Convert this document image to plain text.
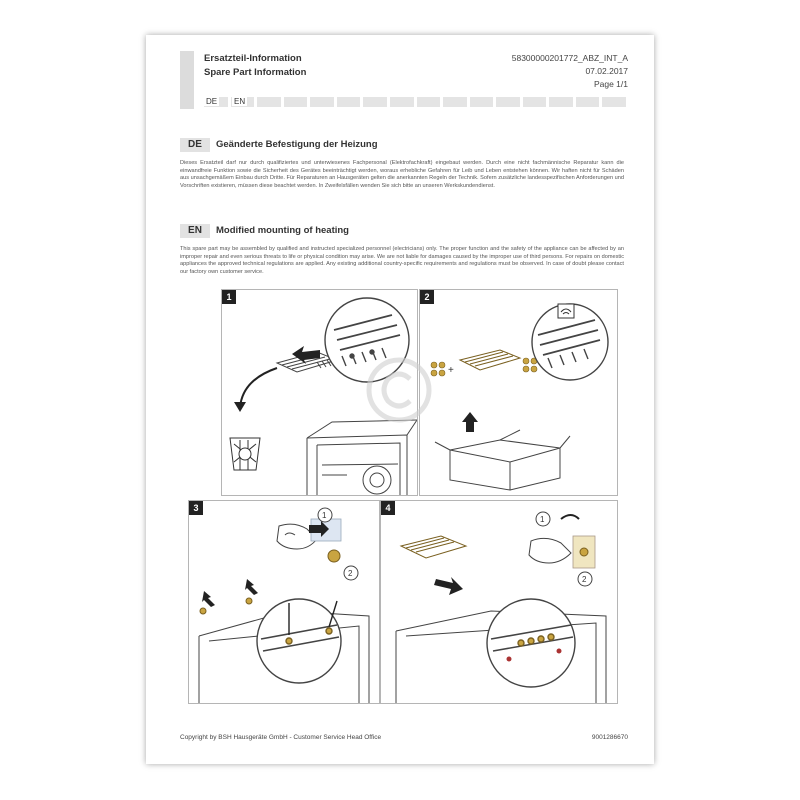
Ersatzteil-Information
Spare Part Information
58300000201772_ABZ_INT_A
07.02.2017
Page 1/1
DE EN
DE	Geänderte Befestigung der Heizung
Dieses Ersatzteil darf nur durch qualifiziertes und unterwiesenes Fachpersonal (Elektrofachkraft) eingebaut werden. Durch eine nicht fachmännische Reparatur kann die einwandfreie Funktion sowie die Sicherheit des Gerätes beeinträchtigt werden, woraus erhebliche Gefahren für Leib und Leben entstehen können. Wir haften nicht für Schäden aus unsachgemäßem Einbau durch Dritte. Für Reparaturen an Hausgeräten gelten die anerkannten Regeln der Technik. Sofern zusätzliche landesspezifischen Anforderungen und Vorschriften existieren, müssen diese beachtet werden. In Zweifelsfällen wenden Sie sich bitte an unseren Werkskundendienst.
EN	Modified mounting of heating
This spare part may be assembled by qualified and instructed specialized personnel (electricians) only. The proper function and the safety of the appliance can be affected by an improper repair and even serious threats to life or physical condition may arise. We are not liable for damages caused by the improper use of third persons. For repairs on domestic appliances the approved technical regulations are applied. Any existing additional country-specific requirements and regulations must be observed. In case of doubt please contact our factory own customer service.
1	2
+
3
1
2
4
1
2
Copyright by BSH Hausgeräte GmbH - Customer Service Head Office	9001286670
